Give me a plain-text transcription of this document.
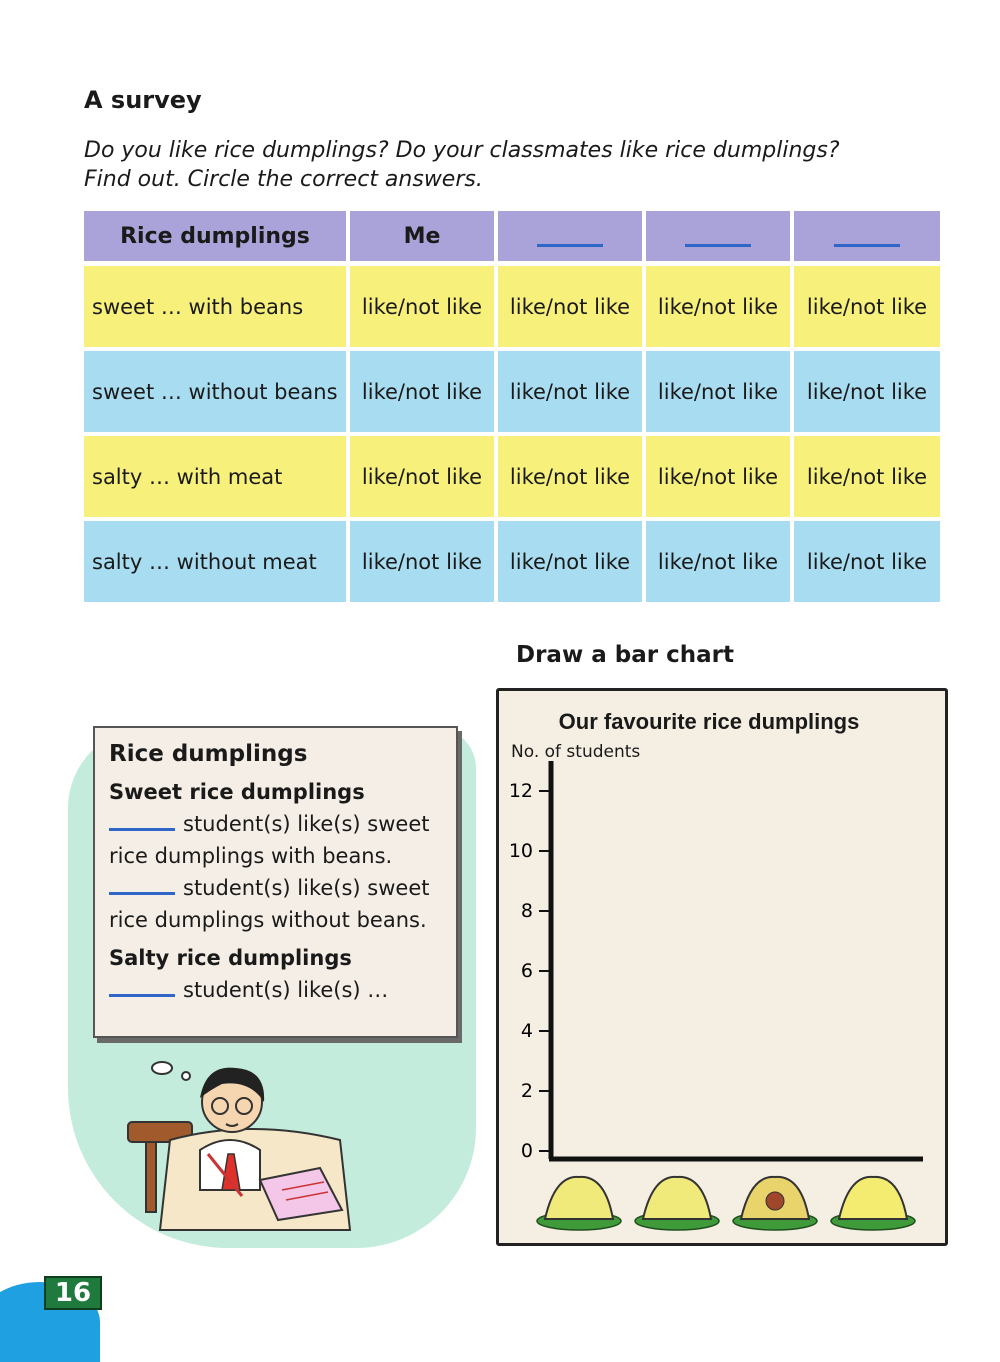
A survey
Do you like rice dumplings? Do your classmates like rice dumplings?
Find out. Circle the correct answers.
Rice dumplings	Me
sweet … with beans	like/not like	like/not like	like/not like	like/not like
sweet … without beans	like/not like	like/not like	like/not like	like/not like
salty … with meat	like/not like	like/not like	like/not like	like/not like
salty … without meat	like/not like	like/not like	like/not like	like/not like
Rice dumplings
Sweet rice dumplings
student(s) like(s) sweet
rice dumplings with beans.
student(s) like(s) sweet
rice dumplings without beans.
Salty rice dumplings
student(s) like(s) …
Draw a bar chart
Our favourite rice dumplings
No. of students
0
2
4
6
8
10
12
16
